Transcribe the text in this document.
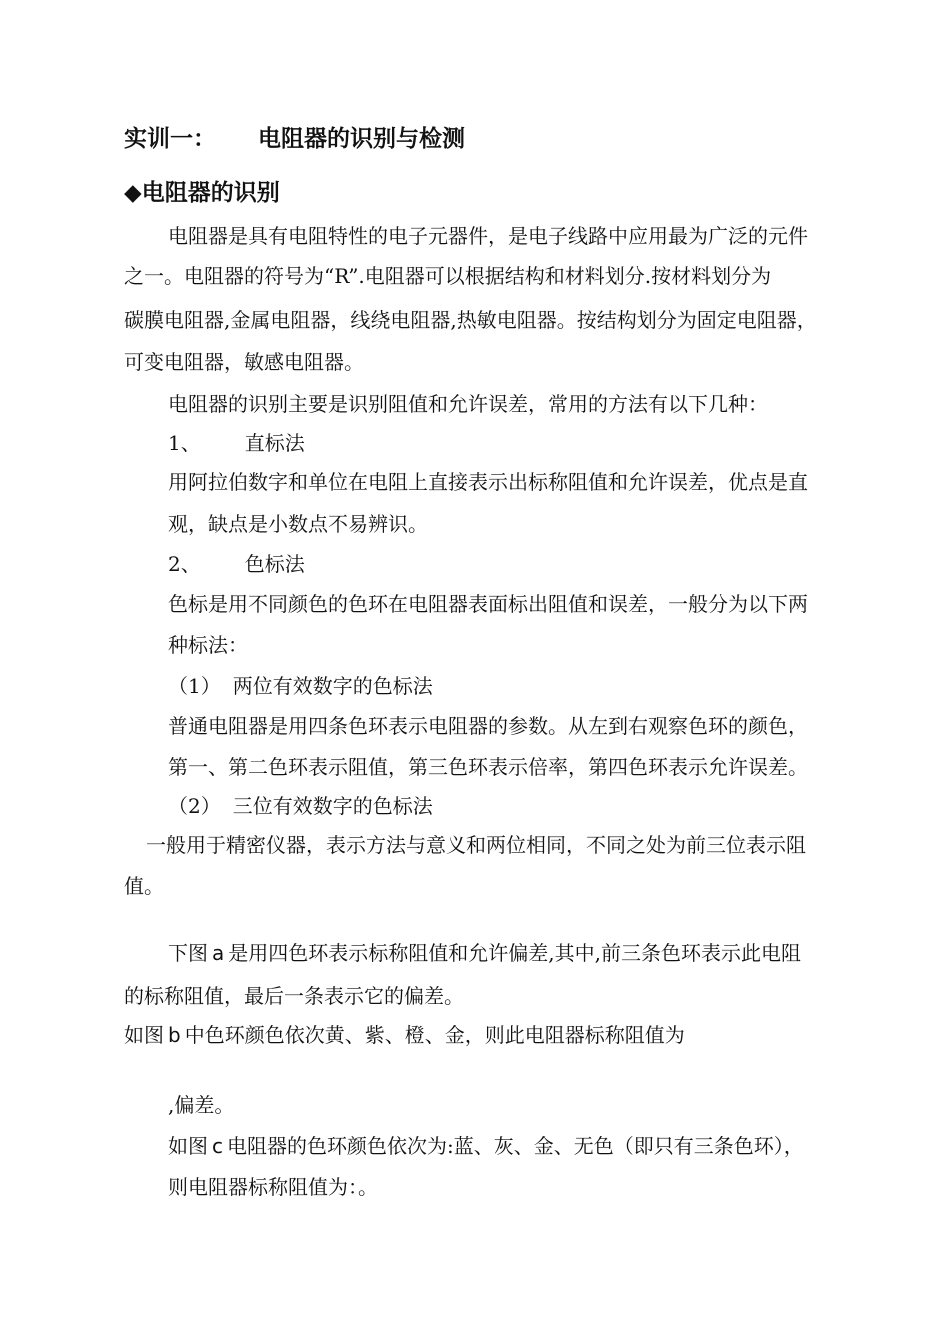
实训一： 电阻器的识别与检测
◆电阻器的识别
电阻器是具有电阻特性的电子元器件，是电子线路中应用最为广泛的元件
之一。电阻器的符号为“R”.电阻器可以根据结构和材料划分.按材料划分为
碳膜电阻器,金属电阻器，线绕电阻器,热敏电阻器。按结构划分为固定电阻器，
可变电阻器，敏感电阻器。
电阻器的识别主要是识别阻值和允许误差，常用的方法有以下几种：
1、 直标法
用阿拉伯数字和单位在电阻上直接表示出标称阻值和允许误差，优点是直
观，缺点是小数点不易辨识。
2、 色标法
色标是用不同颜色的色环在电阻器表面标出阻值和误差，一般分为以下两
种标法：
（1） 两位有效数字的色标法
普通电阻器是用四条色环表示电阻器的参数。从左到右观察色环的颜色，
第一、第二色环表示阻值，第三色环表示倍率，第四色环表示允许误差。
（2） 三位有效数字的色标法
一般用于精密仪器，表示方法与意义和两位相同，不同之处为前三位表示阻
值。
下图 a 是用四色环表示标称阻值和允许偏差,其中,前三条色环表示此电阻
的标称阻值，最后一条表示它的偏差。
如图 b 中色环颜色依次黄、紫、橙、金，则此电阻器标称阻值为
,偏差。
如图 c 电阻器的色环颜色依次为:蓝、灰、金、无色（即只有三条色环），
则电阻器标称阻值为：。
